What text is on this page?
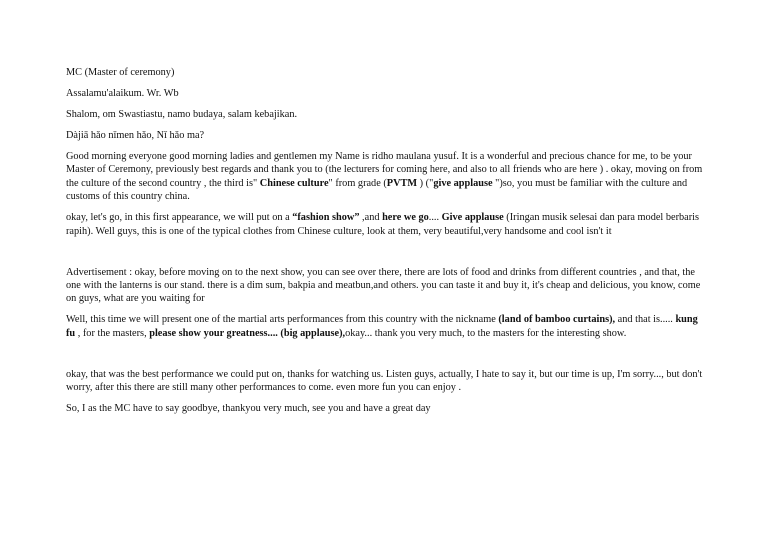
MC (Master of ceremony)

Assalamu'alaikum. Wr. Wb

Shalom, om Swastiastu, namo budaya, salam kebajikan.

Dàjiā hǎo nǐmen hǎo, Nǐ hǎo ma?

Good morning everyone good morning ladies and gentlemen my Name is ridho maulana yusuf. It is a wonderful and precious chance for me, to be your Master of Ceremony, previously best regards and thank you to (the lecturers for coming here, and also to all friends who are here ) . okay, moving on from the culture of the second country , the third is" Chinese culture" from grade (PVTM ) ("give applause ")so, you must be familiar with the culture and customs of this country china.

okay, let's go, in this first appearance, we will put on a “fashion show” ,and here we go.... Give applause (Iringan musik selesai dan para model berbaris rapih). Well guys, this is one of the typical clothes from Chinese culture, look at them, very beautiful,very handsome and cool isn't it

Advertisement : okay, before moving on to the next show, you can see over there, there are lots of food and drinks from different countries , and that, the one with the lanterns is our stand. there is a dim sum, bakpia and meatbun,and others. you can taste it and buy it, it's cheap and delicious, you know, come on guys, what are you waiting for

Well, this time we will present one of the martial arts performances from this country with the nickname (land of bamboo curtains), and that is..... kung fu , for the masters, please show your greatness.... (big applause),okay... thank you very much, to the masters for the interesting show.

okay, that was the best performance we could put on, thanks for watching us. Listen guys, actually, I hate to say it, but our time is up, I'm sorry..., but don't worry, after this there are still many other performances to come. even more fun you can enjoy .

So, I as the MC have to say goodbye, thankyou very much, see you and have a great day
